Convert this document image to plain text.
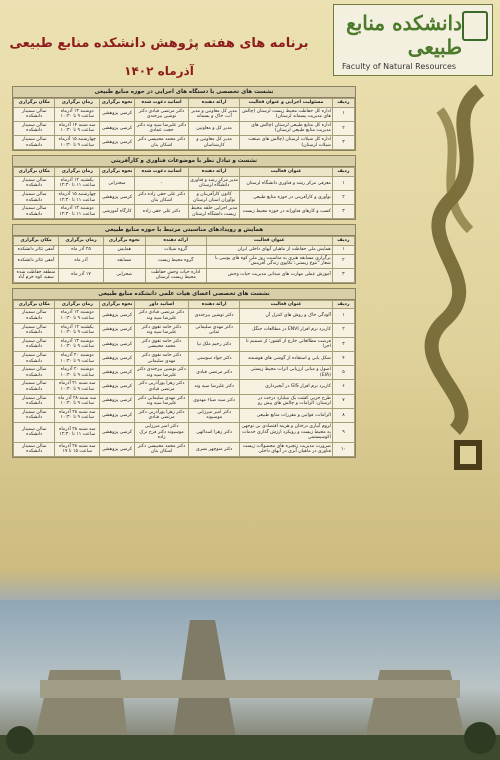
دانشکده منابع طبیعی
Faculty of Natural Resources
برنامه های هفته پژوهش دانشکده منابع طبیعی
آذرماه ۱۴۰۲
نشست های تخصصی با دستگاه های اجرایی در حوزه منابع طبیعی
ردیف	مسئولیت اجرایی و عنوان فعالیت	ارائه دهنده	اساتید دعوت شده	نحوه برگزاری	زمان برگزاری	مکان برگزاری
۱	اداره کل حفاظت محیط زیست لرستان (چالش های مدیریت پسماند لرستان)	مدیر کل معاونین و مدیر آب، خاک و بسماند	دکتر مرتضی قبادی دکتر توشین بیرجندی	کرسی پژوهشی	دوشنبه ۱۳ آذرماه ساعت ۹ تا ۱۰:۳۰	سالن سمینار دانشکده
۲	اداره کل منابع طبیعی لرستان (چالش های مدیریت منابع طبیعی لرستان)	مدیر کل و معاونین	دکتر علیرضا سپه وند دکتر حجت عمادی	کرسی پژوهشی	سه شنبه ۱۴ آذرماه ساعت ۹ تا ۱۰:۳۰	سالن سمینار دانشکده
۳	اداره کل شیلات لرستان (چالش های صنعت شیلات لرستان)	مدیر کل معاونین و کارشناسان	دکتر محمد محبیسی دکتر اشکان بنان	کرسی پژوهشی	چهارشنبه ۱۵ آذرماه ساعت ۹ تا ۱۰:۳۰	سالن سمینار دانشکده
نشست و تبادل نظر با موضوعات فناوری و کارآفرینی
ردیف	عنوان فعالیت	ارائه دهنده	اساتید دعوت شده	نحوه برگزاری	زمان برگزاری	مکان برگزاری
۱	معرفی مرکز رشد و فناوری دانشگاه لرستان	مدیر مرکز رشد و فناوری دانشگاه لرستان	-	سخنرانی	یکشنبه ۱۲ آذرماه ساعت ۱۱ تا ۱۲:۳۰	سالن سمینار دانشکده
۲	نوآوری و کارآفرینی در حوزه منابع طبیعی	کانون کارآفرینان و نوآوران استان لرستان	دکتر علی حقی زاده دکتر اشکان بنان	کرسی پژوهشی	چهارشنبه ۱۵ آذرماه ساعت ۱۱ تا ۱۲:۳۰	سالن سمینار دانشکده
۳	کسب و کارهای فناورانه در حوزه محیط زیست	مدیر اجرایی حلقه محیط زیست دانشگاه لرستان	دکتر علی حقی زاده	کارگاه آموزشی	دوشنبه ۱۳ آذرماه ساعت ۱۱ تا ۱۲:۳۰	سالن سمینار دانشکده
همایش و رویدادهای مناسبتی مرتبط با حوزه منابع طبیعی
ردیف	عنوان فعالیت	ارائه دهنده	نحوه برگزاری	زمان برگزاری	مکان برگزاری
۱	همایش ملی حفاظت از ماهیان آبهای داخلی ایران	گروه شیلات	همایش	۲۵ آذر ماه	آمفی تئاتر دانشکده
۲	برگزاری مسابقه هنری به مناسبت روز ملی کوه های یوسی با شعار "تنوع زیستی؛ تکاپوی زندگی آفرینش"	گروه محیط زیست	مسابقه	آذر ماه	آمفی تئاتر دانشکده
۳	آموزش عملی مهارت های میدانی مدیریت حیات وحش	اداره حیات وحش حفاظت محیط زیست لرستان	صحرایی	۱۷ آذر ماه	منطقه حفاظت شده سفید کوه خرم آباد
نشست های تخصصی اعضای هیات علمی دانشکده منابع طبیعی
ردیف	عنوان فعالیت	ارائه دهنده	اساتید داور	نحوه برگزاری	زمان برگزاری	مکان برگزاری
۱	آلودگی خاک و روش های کنترل آن	دکتر توشین بیرجندی	دکتر مرتضی قبادی دکتر علیرضا سپه وند	کرسی پژوهشی	دوشنبه ۱۲ آذرماه ساعت ۹ تا ۱۰:۳۰	سالن سمینار دانشکده
۲	کاربرد نرم افزار ENVI در مطالعات جنگل	دکتر مهدی سلیمانی ثمانی	دکتر حامد نقوی دکتر علیرضا سپه وند	کرسی پژوهشی	یکشنبه ۱۲ آذرماه ساعت ۹ تا ۱۰:۳۰	سالن سمینار دانشکده
۳	فرصت مطالعاتی خارج از کشور؛ از تصمیم تا اجرا	دکتر رحیم ملک نیا	دکتر حامد نقوی دکتر محمد محبیسی	کرسی پژوهشی	دوشنبه ۱۳ آذرماه ساعت ۹ تا ۱۰:۳۰	سالن سمینار دانشکده
۴	شکل یابی و استفاده از گوشی های هوشمند	دکتر جواد سوسنی	دکتر حامد نقوی دکتر مهدی سلیمانی	کرسی پژوهشی	دوشنبه ۲۰ آذرماه ساعت ۹ تا ۱۰:۳۰	سالن سمینار دانشکده
۵	اصول و مبانی ارزیابی اثرات محیط زیستی (EIA)	دکتر مرتضی قبادی	دکتر نوشین بیرجندی دکتر علیرضا سپه وند	کرسی پژوهشی	دوشنبه ۲۰ آذرماه ساعت ۹ تا ۱۰:۳۰	سالن سمینار دانشکده
۶	کاربرد نرم افزار GIS در آبخیزداری	دکتر علیرضا سپه وند	دکتر زهرا پورآذربی دکتر مرتضی قبادی	کرسی پژوهشی	سه شنبه ۲۱ آذرماه ساعت ۹ تا ۱۰:۳۰	سالن سمینار دانشکده
۷	طرح جزیی کشت یک میلیارد درخت در لرستان: الزامات و چالش های پیش رو	دکتر سید ضیاء مهدوی	دکتر مهدی سلیمانی دکتر علیرضا سپه وند	کرسی پژوهشی	سه شنبه ۲۸ آذر ماه ساعت ۹ تا ۱۰:۳۰	سالن سمینار دانشکده
۸	الزامات، قوانین و مقررات منابع طبیعی	دکتر امیر میرزایی موسیوند	دکتر زهرا پورآذربی دکتر مرتضی قبادی	کرسی پژوهشی	سه شنبه ۲۸ آذرماه ساعت ۹ تا ۱۰:۳۰	سالن سمینار دانشکده
۹	لزوم آبیاری درختان و هزینه اقتصادی بی توجهی به محیط زیست و رویکرد ارزش گذاری خدمات اکوسیستمی	دکتر زهرا اسدالهی	دکتر امیر میرزایی موسیوند دکتر فرخ ترک زاده	کرسی پژوهشی	سه شنبه ۲۸ آذرماه ساعت ۱۱ تا ۱۲:۳۰	سالن سمینار دانشکده
۱۰	ضرورت مدیریت زنجیره های محصولات زیست فناوری در ماهیان آبزی در آبهای داخلی	دکتر منوچهر نصری	دکتر محمد محبیسی دکتر اشکان بنان	کرسی پژوهشی	سه شنبه ۲۸ آذرماه ساعت ۱۵ تا ۱۷	سالن سمینار دانشکده
